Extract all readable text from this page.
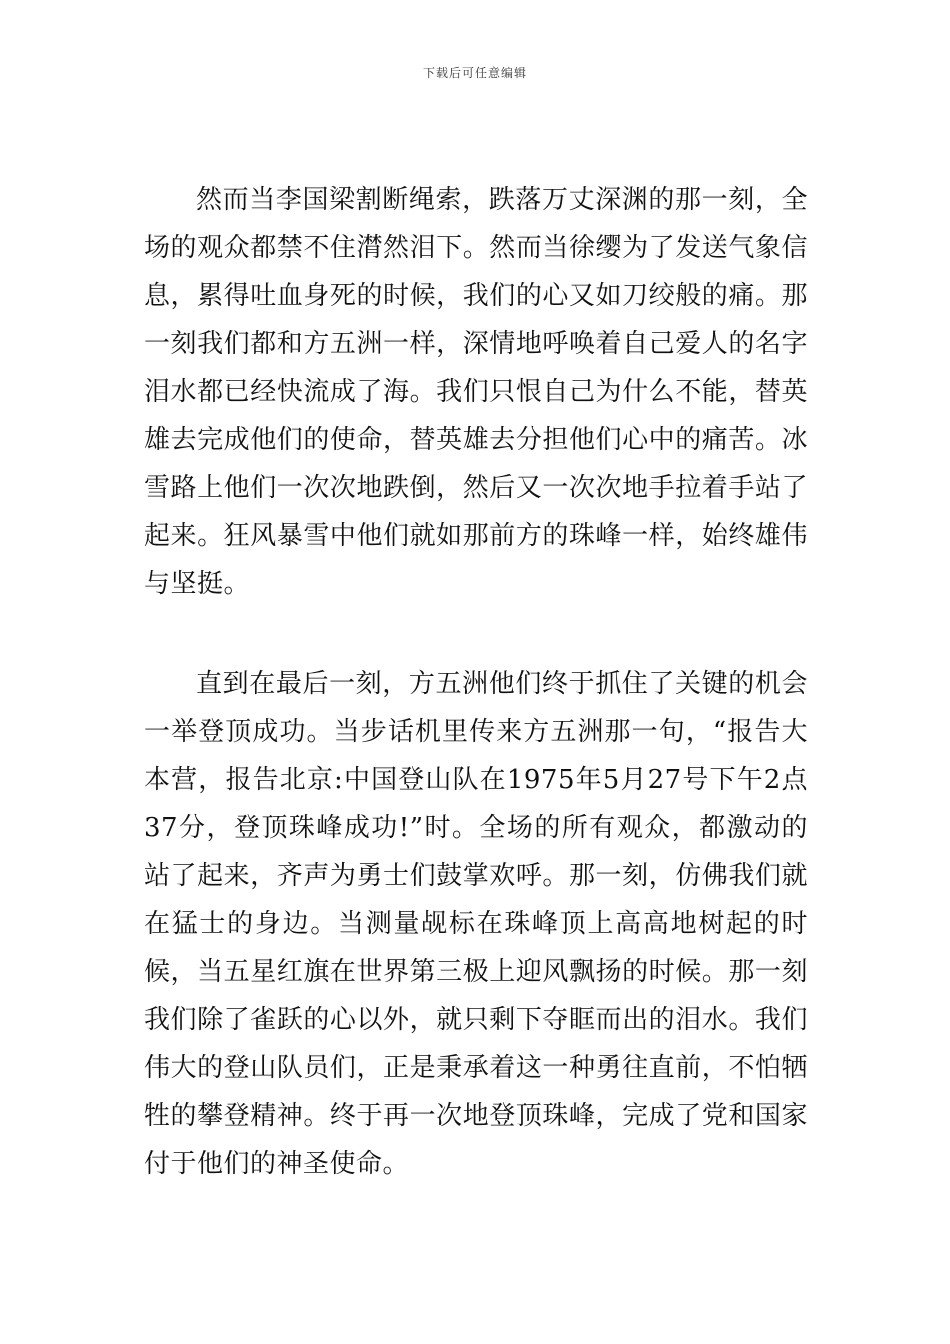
下载后可任意编辑

然而当李国梁割断绳索，跌落万丈深渊的那一刻，全场的观众都禁不住潸然泪下。然而当徐缨为了发送气象信息，累得吐血身死的时候，我们的心又如刀绞般的痛。那一刻我们都和方五洲一样，深情地呼唤着自己爱人的名字泪水都已经快流成了海。我们只恨自己为什么不能，替英雄去完成他们的使命，替英雄去分担他们心中的痛苦。冰雪路上他们一次次地跌倒，然后又一次次地手拉着手站了起来。狂风暴雪中他们就如那前方的珠峰一样，始终雄伟与坚挺。

直到在最后一刻，方五洲他们终于抓住了关键的机会一举登顶成功。当步话机里传来方五洲那一句，“报告大本营，报告北京:中国登山队在1975年5月27号下午2点37分，登顶珠峰成功!”时。全场的所有观众，都激动的站了起来，齐声为勇士们鼓掌欢呼。那一刻，仿佛我们就在猛士的身边。当测量觇标在珠峰顶上高高地树起的时候，当五星红旗在世界第三极上迎风飘扬的时候。那一刻我们除了雀跃的心以外，就只剩下夺眶而出的泪水。我们伟大的登山队员们，正是秉承着这一种勇往直前，不怕牺牲的攀登精神。终于再一次地登顶珠峰，完成了党和国家付于他们的神圣使命。
